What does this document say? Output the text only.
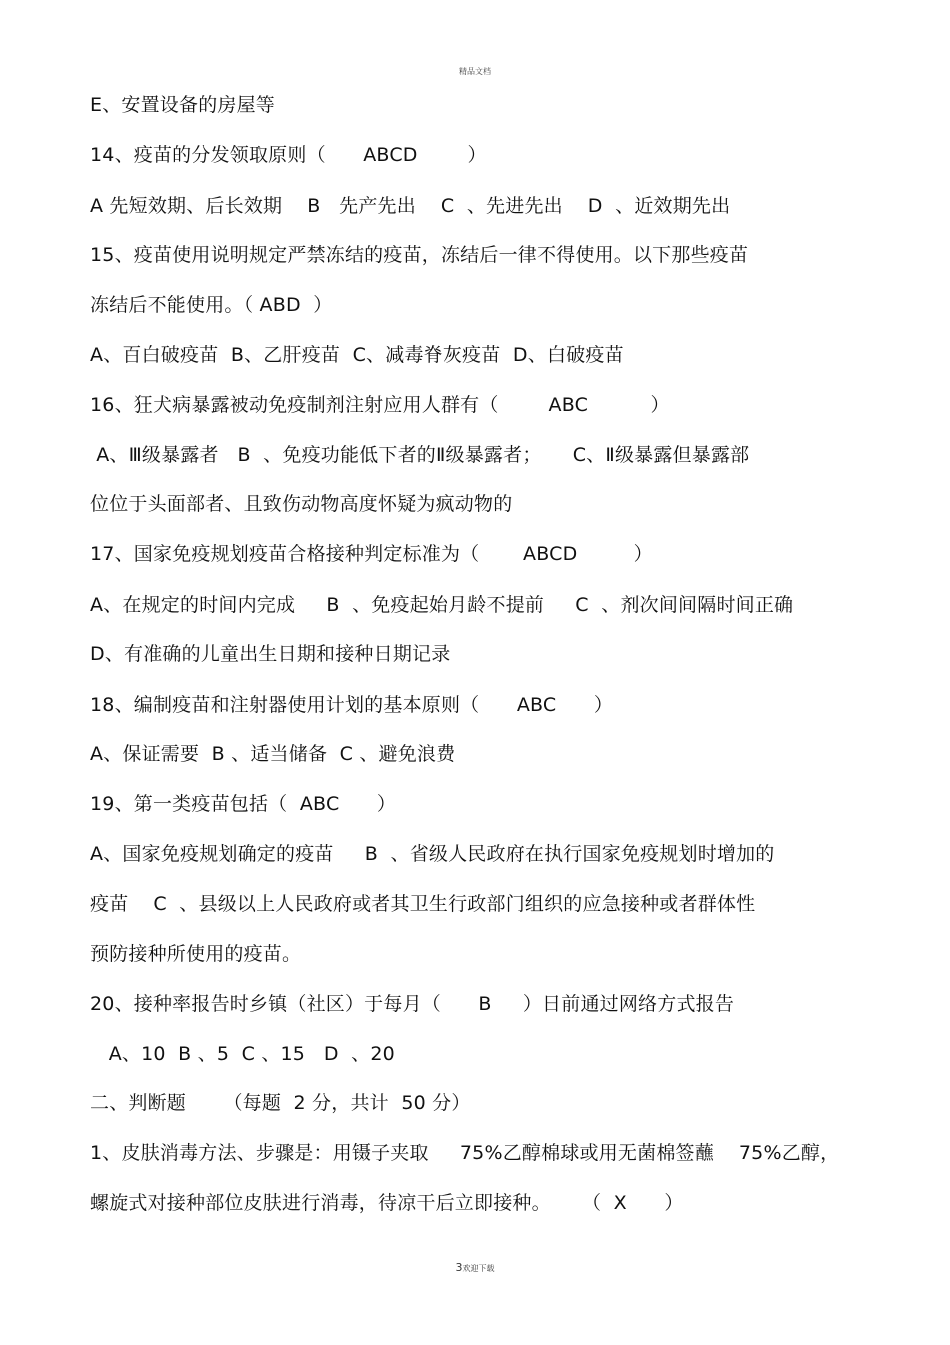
精品文档
E、安置设备的房屋等
14、疫苗的分发领取原则（      ABCD        ）
A 先短效期、后长效期    B   先产先出    C  、先进先出    D  、近效期先出
15、疫苗使用说明规定严禁冻结的疫苗，冻结后一律不得使用。以下那些疫苗
冻结后不能使用。（ ABD  ）
A、百白破疫苗  B、乙肝疫苗  C、减毒脊灰疫苗  D、白破疫苗
16、狂犬病暴露被动免疫制剂注射应用人群有（        ABC          ）
A、Ⅲ级暴露者   B  、免疫功能低下者的Ⅱ级暴露者；     C、Ⅱ级暴露但暴露部
位位于头面部者、且致伤动物高度怀疑为疯动物的
17、国家免疫规划疫苗合格接种判定标准为（       ABCD         ）
A、在规定的时间内完成     B  、免疫起始月龄不提前     C  、剂次间间隔时间正确
D、有准确的儿童出生日期和接种日期记录
18、编制疫苗和注射器使用计划的基本原则（      ABC      ）
A、保证需要  B 、适当储备  C 、避免浪费
19、第一类疫苗包括（  ABC      ）
A、国家免疫规划确定的疫苗     B  、省级人民政府在执行国家免疫规划时增加的
疫苗    C  、县级以上人民政府或者其卫生行政部门组织的应急接种或者群体性
预防接种所使用的疫苗。
20、接种率报告时乡镇（社区）于每月（      B     ）日前通过网络方式报告
A、10  B 、5  C 、15   D  、20
二、判断题      （每题  2 分，共计  50 分）
1、皮肤消毒方法、步骤是：用镊子夹取     75%乙醇棉球或用无菌棉签蘸    75%乙醇，
螺旋式对接种部位皮肤进行消毒，待凉干后立即接种。     （  X      ）
3欢迎下载
